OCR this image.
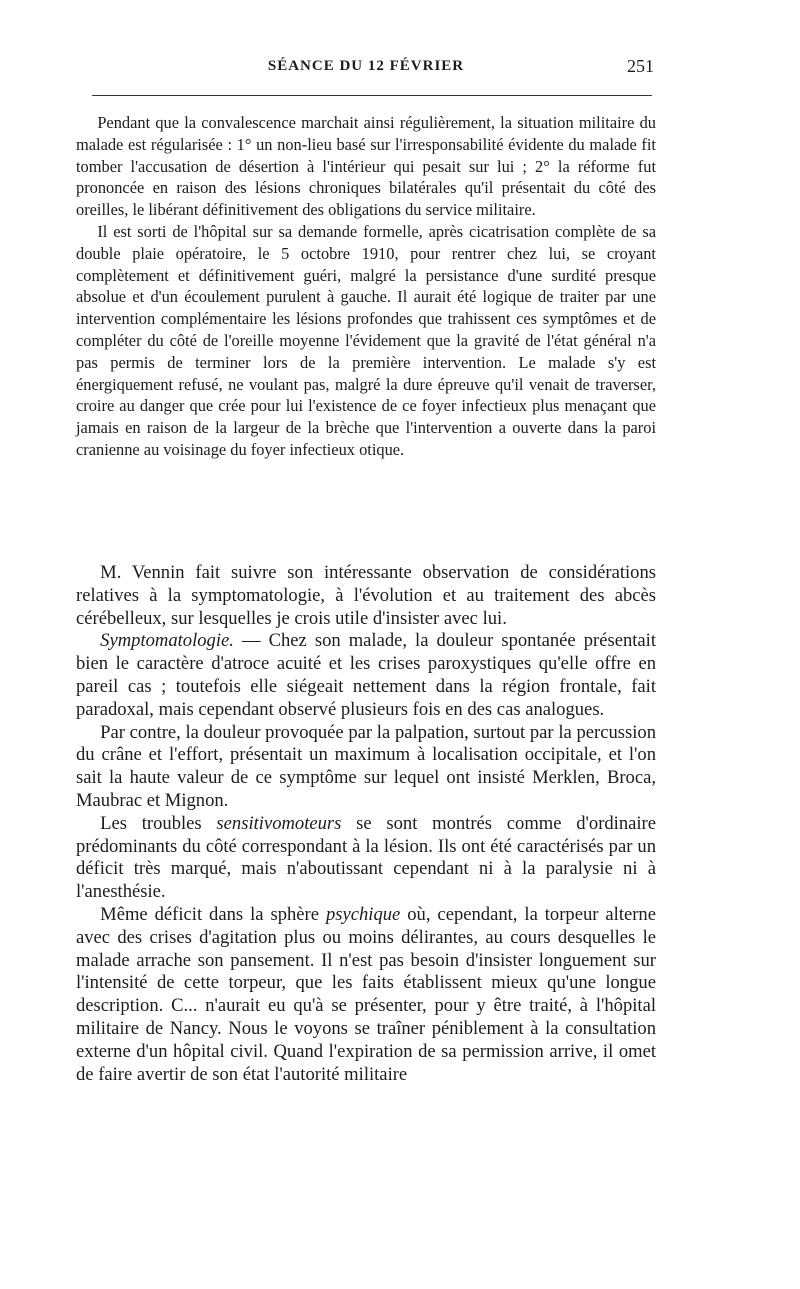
SÉANCE DU 12 FÉVRIER	251

Pendant que la convalescence marchait ainsi régulièrement, la situation militaire du malade est régularisée : 1° un non-lieu basé sur l'irresponsabilité évidente du malade fit tomber l'accusation de désertion à l'intérieur qui pesait sur lui ; 2° la réforme fut prononcée en raison des lésions chroniques bilatérales qu'il présentait du côté des oreilles, le libérant définitivement des obligations du service militaire.

Il est sorti de l'hôpital sur sa demande formelle, après cicatrisation complète de sa double plaie opératoire, le 5 octobre 1910, pour rentrer chez lui, se croyant complètement et définitivement guéri, malgré la persistance d'une surdité presque absolue et d'un écoulement purulent à gauche. Il aurait été logique de traiter par une intervention complémentaire les lésions profondes que trahissent ces symptômes et de compléter du côté de l'oreille moyenne l'évidement que la gravité de l'état général n'a pas permis de terminer lors de la première intervention. Le malade s'y est énergiquement refusé, ne voulant pas, malgré la dure épreuve qu'il venait de traverser, croire au danger que crée pour lui l'existence de ce foyer infectieux plus menaçant que jamais en raison de la largeur de la brèche que l'intervention a ouverte dans la paroi cranienne au voisinage du foyer infectieux otique.

M. Vennin fait suivre son intéressante observation de considérations relatives à la symptomatologie, à l'évolution et au traitement des abcès cérébelleux, sur lesquelles je crois utile d'insister avec lui.

Symptomatologie. — Chez son malade, la douleur spontanée présentait bien le caractère d'atroce acuité et les crises paroxystiques qu'elle offre en pareil cas ; toutefois elle siégeait nettement dans la région frontale, fait paradoxal, mais cependant observé plusieurs fois en des cas analogues.

Par contre, la douleur provoquée par la palpation, surtout par la percussion du crâne et l'effort, présentait un maximum à localisation occipitale, et l'on sait la haute valeur de ce symptôme sur lequel ont insisté Merklen, Broca, Maubrac et Mignon.

Les troubles sensitivomoteurs se sont montrés comme d'ordinaire prédominants du côté correspondant à la lésion. Ils ont été caractérisés par un déficit très marqué, mais n'aboutissant cependant ni à la paralysie ni à l'anesthésie.

Même déficit dans la sphère psychique où, cependant, la torpeur alterne avec des crises d'agitation plus ou moins délirantes, au cours desquelles le malade arrache son pansement. Il n'est pas besoin d'insister longuement sur l'intensité de cette torpeur, que les faits établissent mieux qu'une longue description. C... n'aurait eu qu'à se présenter, pour y être traité, à l'hôpital militaire de Nancy. Nous le voyons se traîner péniblement à la consultation externe d'un hôpital civil. Quand l'expiration de sa permission arrive, il omet de faire avertir de son état l'autorité militaire
